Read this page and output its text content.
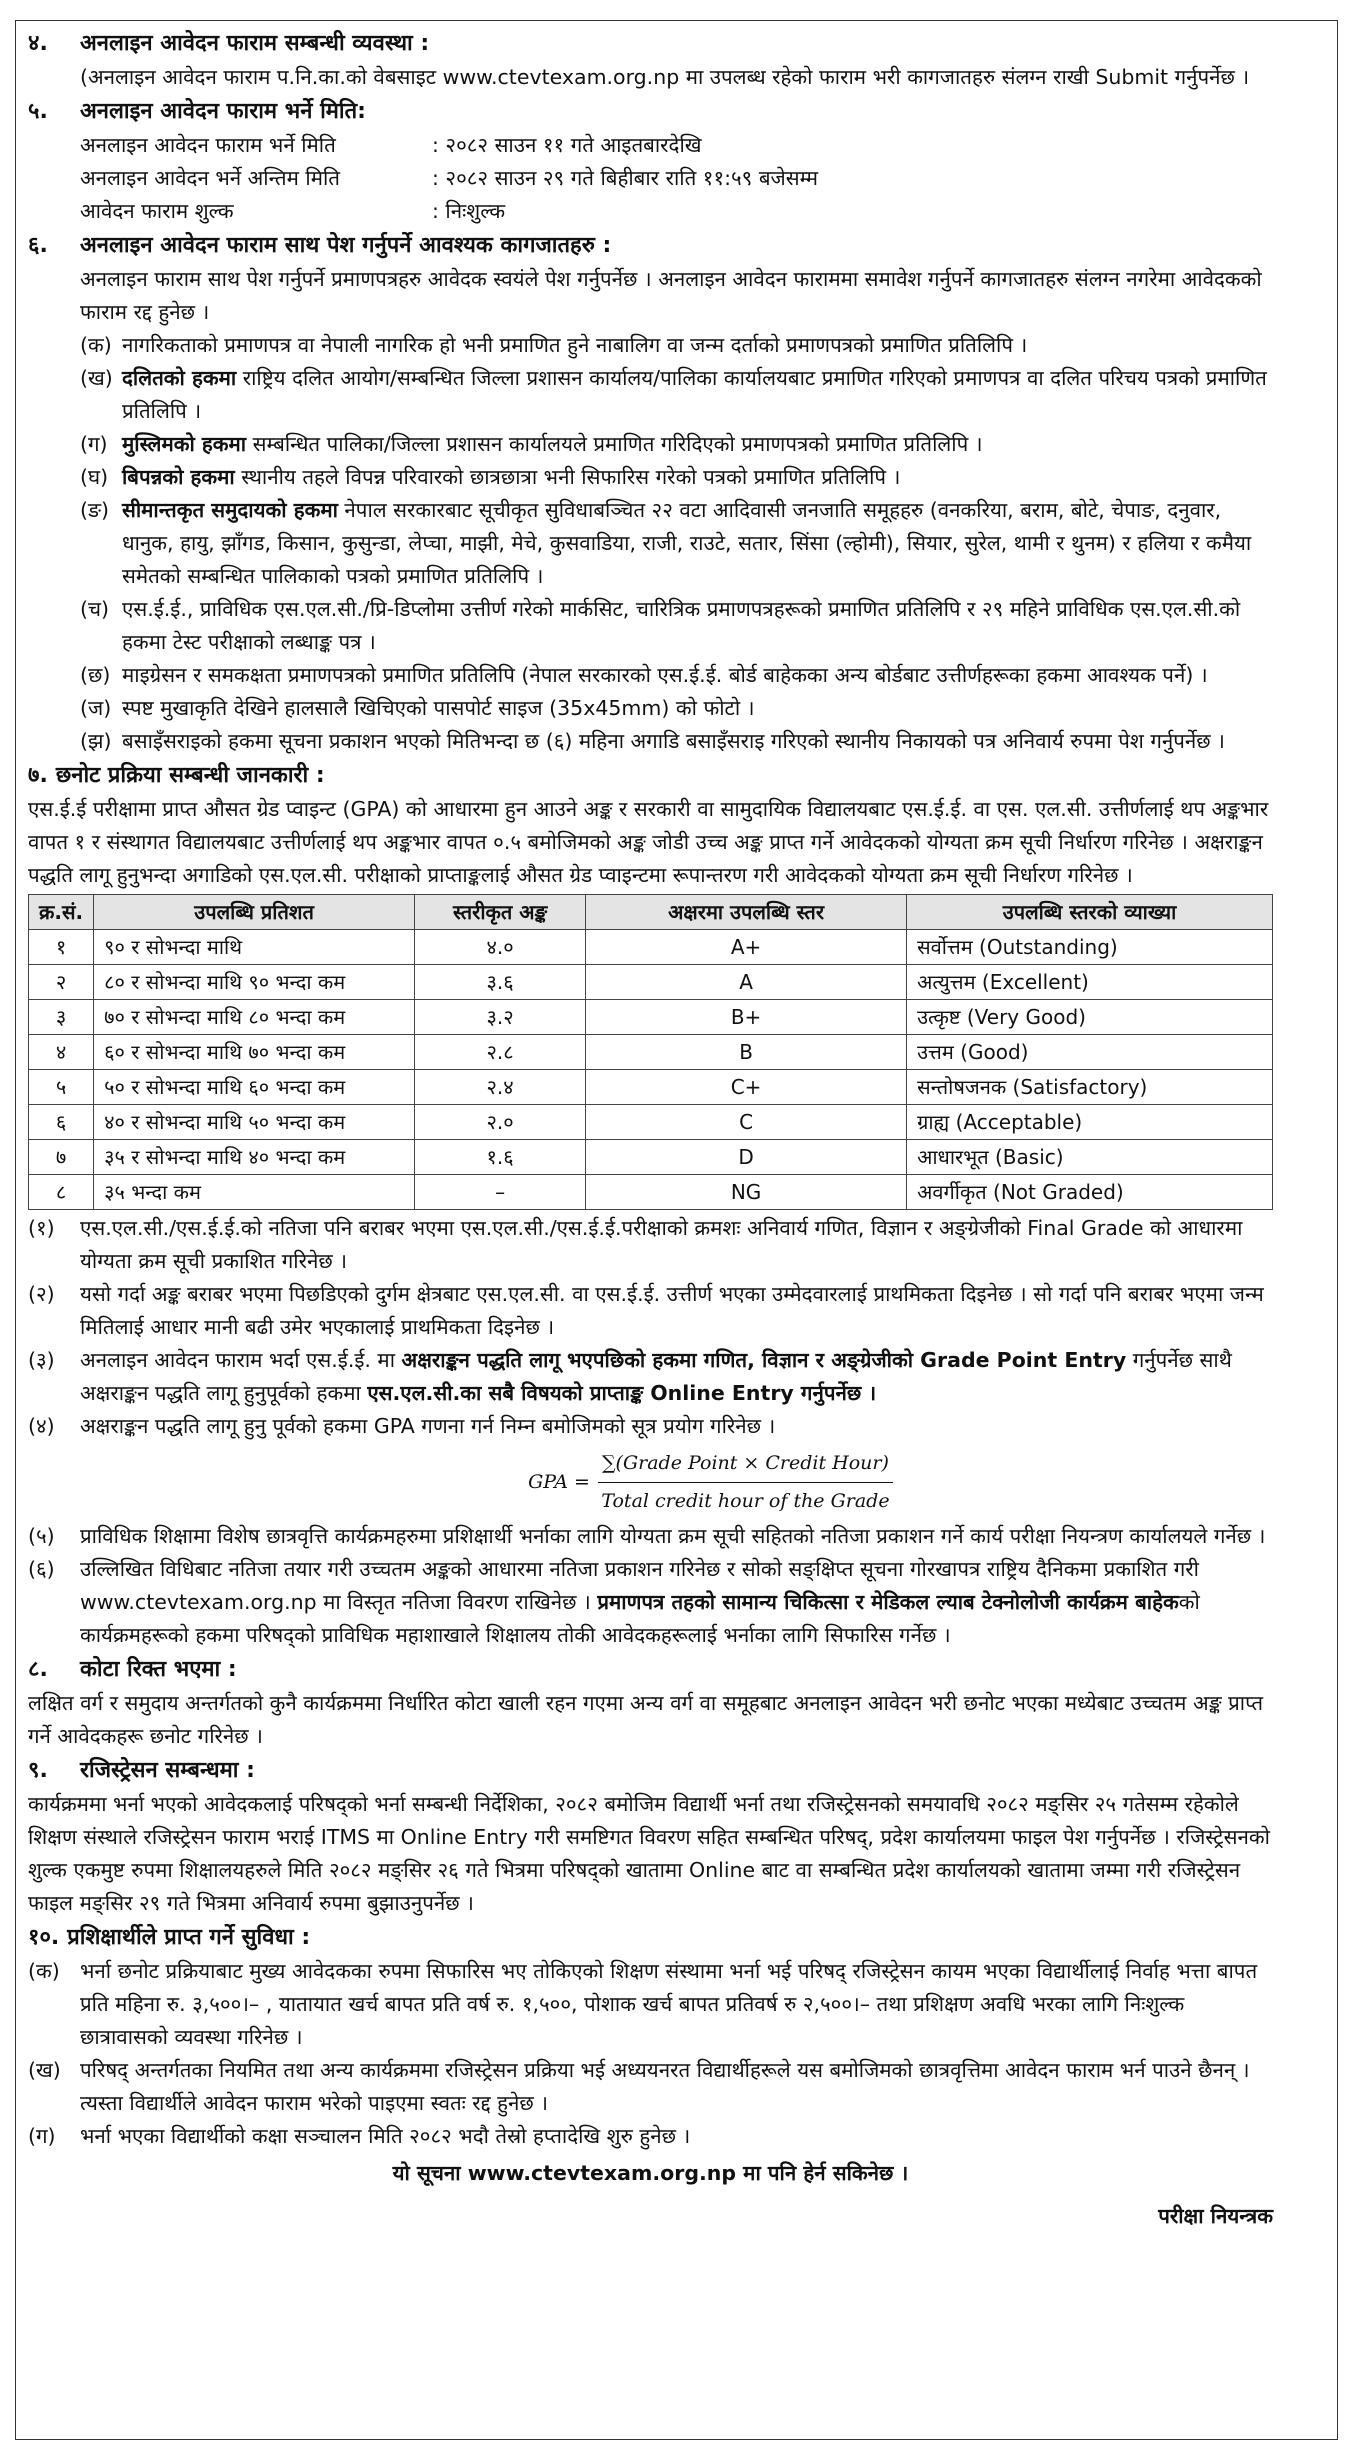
४.	अनलाइन आवेदन फाराम सम्बन्धी व्यवस्था :
(अनलाइन आवेदन फाराम प.नि.का.को वेबसाइट www.ctevtexam.org.np मा उपलब्ध रहेको फाराम भरी कागजातहरु संलग्न राखी Submit गर्नुपर्नेछ ।
५.	अनलाइन आवेदन फाराम भर्ने मिति:
अनलाइन आवेदन फाराम भर्ने मिति	: २०८२ साउन ११ गते आइतबारदेखि
अनलाइन आवेदन भर्ने अन्तिम मिति	: २०८२ साउन २९ गते बिहीबार राति ११:५९ बजेसम्म
आवेदन फाराम शुल्क	: निःशुल्क
६.	अनलाइन आवेदन फाराम साथ पेश गर्नुपर्ने आवश्यक कागजातहरु :
अनलाइन फाराम साथ पेश गर्नुपर्ने प्रमाणपत्रहरु आवेदक स्वयंले पेश गर्नुपर्नेछ । अनलाइन आवेदन फाराममा समावेश गर्नुपर्ने कागजातहरु संलग्न नगरेमा आवेदकको फाराम रद्द हुनेछ ।
(क) नागरिकताको प्रमाणपत्र वा नेपाली नागरिक हो भनी प्रमाणित हुने नाबालिग वा जन्म दर्ताको प्रमाणपत्रको प्रमाणित प्रतिलिपि ।
(ख) दलितको हकमा राष्ट्रिय दलित आयोग/सम्बन्धित जिल्ला प्रशासन कार्यालय/पालिका कार्यालयबाट प्रमाणित गरिएको प्रमाणपत्र वा दलित परिचय पत्रको प्रमाणित प्रतिलिपि ।
(ग) मुस्लिमको हकमा सम्बन्धित पालिका/जिल्ला प्रशासन कार्यालयले प्रमाणित गरिदिएको प्रमाणपत्रको प्रमाणित प्रतिलिपि ।
(घ) बिपन्नको हकमा स्थानीय तहले विपन्न परिवारको छात्रछात्रा भनी सिफारिस गरेको पत्रको प्रमाणित प्रतिलिपि ।
(ङ) सीमान्तकृत समुदायको हकमा नेपाल सरकारबाट सूचीकृत सुविधाबञ्चित २२ वटा आदिवासी जनजाति समूहहरु (वनकरिया, बराम, बोटे, चेपाङ, दनुवार, धानुक, हायु, झाँगड, किसान, कुसुन्डा, लेप्चा, माझी, मेचे, कुसवाडिया, राजी, राउटे, सतार, सिंसा (ल्होमी), सियार, सुरेल, थामी र थुनम) र हलिया र कमैया समेतको सम्बन्धित पालिकाको पत्रको प्रमाणित प्रतिलिपि ।
(च) एस.ई.ई., प्राविधिक एस.एल.सी./प्रि-डिप्लोमा उत्तीर्ण गरेको मार्कसिट, चारित्रिक प्रमाणपत्रहरूको प्रमाणित प्रतिलिपि र २९ महिने प्राविधिक एस.एल.सी.को हकमा टेस्ट परीक्षाको लब्धाङ्क पत्र ।
(छ) माइग्रेसन र समकक्षता प्रमाणपत्रको प्रमाणित प्रतिलिपि (नेपाल सरकारको एस.ई.ई. बोर्ड बाहेकका अन्य बोर्डबाट उत्तीर्णहरूका हकमा आवश्यक पर्ने) ।
(ज) स्पष्ट मुखाकृति देखिने हालसालै खिचिएको पासपोर्ट साइज (35x45mm) को फोटो ।
(झ) बसाइँसराइको हकमा सूचना प्रकाशन भएको मितिभन्दा छ (६) महिना अगाडि बसाइँसराइ गरिएको स्थानीय निकायको पत्र अनिवार्य रुपमा पेश गर्नुपर्नेछ ।
७. छनोट प्रक्रिया सम्बन्धी जानकारी :
एस.ई.ई परीक्षामा प्राप्त औसत ग्रेड प्वाइन्ट (GPA) को आधारमा हुन आउने अङ्क र सरकारी वा सामुदायिक विद्यालयबाट एस.ई.ई. वा एस. एल.सी. उत्तीर्णलाई थप अङ्कभार वापत १ र संस्थागत विद्यालयबाट उत्तीर्णलाई थप अङ्कभार वापत ०.५ बमोजिमको अङ्क जोडी उच्च अङ्क प्राप्त गर्ने आवेदकको योग्यता क्रम सूची निर्धारण गरिनेछ । अक्षराङ्कन पद्धति लागू हुनुभन्दा अगाडिको एस.एल.सी. परीक्षाको प्राप्ताङ्कलाई औसत ग्रेड प्वाइन्टमा रूपान्तरण गरी आवेदकको योग्यता क्रम सूची निर्धारण गरिनेछ ।
क्र.सं.	उपलब्धि प्रतिशत	स्तरीकृत अङ्क	अक्षरमा उपलब्धि स्तर	उपलब्धि स्तरको व्याख्या
१	९० र सोभन्दा माथि	४.०	A+	सर्वोत्तम (Outstanding)
२	८० र सोभन्दा माथि ९० भन्दा कम	३.६	A	अत्युत्तम (Excellent)
३	७० र सोभन्दा माथि ८० भन्दा कम	३.२	B+	उत्कृष्ट (Very Good)
४	६० र सोभन्दा माथि ७० भन्दा कम	२.८	B	उत्तम (Good)
५	५० र सोभन्दा माथि ६० भन्दा कम	२.४	C+	सन्तोषजनक (Satisfactory)
६	४० र सोभन्दा माथि ५० भन्दा कम	२.०	C	ग्राह्य (Acceptable)
७	३५ र सोभन्दा माथि ४० भन्दा कम	१.६	D	आधारभूत (Basic)
८	३५ भन्दा कम	–	NG	अवर्गीकृत (Not Graded)
(१)	एस.एल.सी./एस.ई.ई.को नतिजा पनि बराबर भएमा एस.एल.सी./एस.ई.ई.परीक्षाको क्रमशः अनिवार्य गणित, विज्ञान र अङ्ग्रेजीको Final Grade को आधारमा योग्यता क्रम सूची प्रकाशित गरिनेछ ।
(२)	यसो गर्दा अङ्क बराबर भएमा पिछडिएको दुर्गम क्षेत्रबाट एस.एल.सी. वा एस.ई.ई. उत्तीर्ण भएका उम्मेदवारलाई प्राथमिकता दिइनेछ । सो गर्दा पनि बराबर भएमा जन्म मितिलाई आधार मानी बढी उमेर भएकालाई प्राथमिकता दिइनेछ ।
(३)	अनलाइन आवेदन फाराम भर्दा एस.ई.ई. मा अक्षराङ्कन पद्धति लागू भएपछिको हकमा गणित, विज्ञान र अङ्ग्रेजीको Grade Point Entry गर्नुपर्नेछ साथै अक्षराङ्कन पद्धति लागू हुनुपूर्वको हकमा एस.एल.सी.का सबै विषयको प्राप्ताङ्क Online Entry गर्नुपर्नेछ ।
(४)	अक्षराङ्कन पद्धति लागू हुनु पूर्वको हकमा GPA गणना गर्न निम्न बमोजिमको सूत्र प्रयोग गरिनेछ ।
GPA = $\frac{\text{∑(Grade Point × Credit Hour)}}{\text{Total credit hour of the Grade}}$
(५)	प्राविधिक शिक्षामा विशेष छात्रवृत्ति कार्यक्रमहरुमा प्रशिक्षार्थी भर्नाका लागि योग्यता क्रम सूची सहितको नतिजा प्रकाशन गर्ने कार्य परीक्षा नियन्त्रण कार्यालयले गर्नेछ ।
(६)	उल्लिखित विधिबाट नतिजा तयार गरी उच्चतम अङ्कको आधारमा नतिजा प्रकाशन गरिनेछ र सोको सङ्क्षिप्त सूचना गोरखापत्र राष्ट्रिय दैनिकमा प्रकाशित गरी www.ctevtexam.org.np मा विस्तृत नतिजा विवरण राखिनेछ । प्रमाणपत्र तहको सामान्य चिकित्सा र मेडिकल ल्याब टेक्नोलोजी कार्यक्रम बाहेकको कार्यक्रमहरूको हकमा परिषद्को प्राविधिक महाशाखाले शिक्षालय तोकी आवेदकहरूलाई भर्नाका लागि सिफारिस गर्नेछ ।
८.	कोटा रिक्त भएमा :
लक्षित वर्ग र समुदाय अन्तर्गतको कुनै कार्यक्रममा निर्धारित कोटा खाली रहन गएमा अन्य वर्ग वा समूहबाट अनलाइन आवेदन भरी छनोट भएका मध्येबाट उच्चतम अङ्क प्राप्त गर्ने आवेदकहरू छनोट गरिनेछ ।
९.	रजिस्ट्रेसन सम्बन्धमा :
कार्यक्रममा भर्ना भएको आवेदकलाई परिषद्को भर्ना सम्बन्धी निर्देशिका, २०८२ बमोजिम विद्यार्थी भर्ना तथा रजिस्ट्रेसनको समयावधि २०८२ मङ्सिर २५ गतेसम्म रहेकोले शिक्षण संस्थाले रजिस्ट्रेसन फाराम भराई ITMS मा Online Entry गरी समष्टिगत विवरण सहित सम्बन्धित परिषद्, प्रदेश कार्यालयमा फाइल पेश गर्नुपर्नेछ । रजिस्ट्रेसनको शुल्क एकमुष्ट रुपमा शिक्षालयहरुले मिति २०८२ मङ्सिर २६ गते भित्रमा परिषद्को खातामा Online बाट वा सम्बन्धित प्रदेश कार्यालयको खातामा जम्मा गरी रजिस्ट्रेसन फाइल मङ्सिर २९ गते भित्रमा अनिवार्य रुपमा बुझाउनुपर्नेछ ।
१०. प्रशिक्षार्थीले प्राप्त गर्ने सुविधा :
(क) भर्ना छनोट प्रक्रियाबाट मुख्य आवेदकका रुपमा सिफारिस भए तोकिएको शिक्षण संस्थामा भर्ना भई परिषद् रजिस्ट्रेसन कायम भएका विद्यार्थीलाई निर्वाह भत्ता बापत प्रति महिना रु. ३,५००।– , यातायात खर्च बापत प्रति वर्ष रु. १,५००, पोशाक खर्च बापत प्रतिवर्ष रु २,५००।– तथा प्रशिक्षण अवधि भरका लागि निःशुल्क छात्रावासको व्यवस्था गरिनेछ ।
(ख) परिषद् अन्तर्गतका नियमित तथा अन्य कार्यक्रममा रजिस्ट्रेसन प्रक्रिया भई अध्ययनरत विद्यार्थीहरूले यस बमोजिमको छात्रवृत्तिमा आवेदन फाराम भर्न पाउने छैनन् । त्यस्ता विद्यार्थीले आवेदन फाराम भरेको पाइएमा स्वतः रद्द हुनेछ ।
(ग)	भर्ना भएका विद्यार्थीको कक्षा सञ्चालन मिति २०८२ भदौ तेस्रो हप्तादेखि शुरु हुनेछ ।
यो सूचना www.ctevtexam.org.np मा पनि हेर्न सकिनेछ ।
परीक्षा नियन्त्रक
